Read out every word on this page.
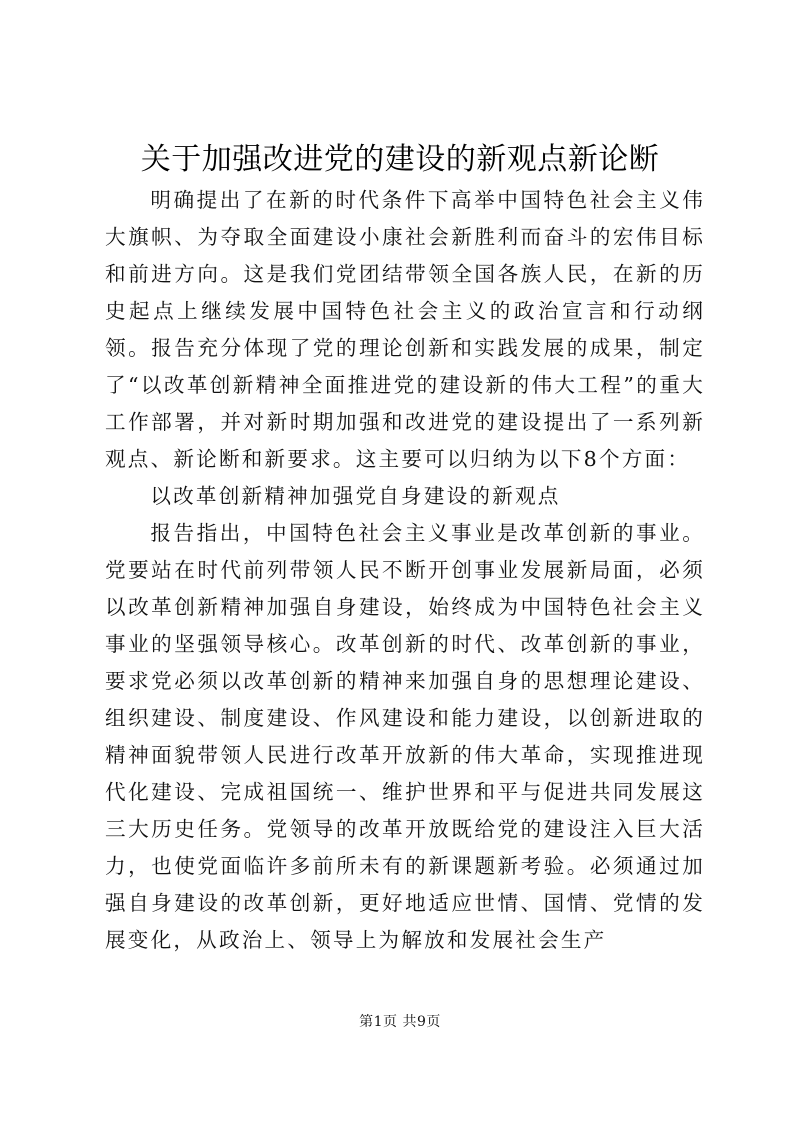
关于加强改进党的建设的新观点新论断

明确提出了在新的时代条件下高举中国特色社会主义伟大旗帜、为夺取全面建设小康社会新胜利而奋斗的宏伟目标和前进方向。这是我们党团结带领全国各族人民，在新的历史起点上继续发展中国特色社会主义的政治宣言和行动纲领。报告充分体现了党的理论创新和实践发展的成果，制定了“以改革创新精神全面推进党的建设新的伟大工程”的重大工作部署，并对新时期加强和改进党的建设提出了一系列新观点、新论断和新要求。这主要可以归纳为以下8个方面：

以改革创新精神加强党自身建设的新观点

报告指出，中国特色社会主义事业是改革创新的事业。党要站在时代前列带领人民不断开创事业发展新局面，必须以改革创新精神加强自身建设，始终成为中国特色社会主义事业的坚强领导核心。改革创新的时代、改革创新的事业，要求党必须以改革创新的精神来加强自身的思想理论建设、组织建设、制度建设、作风建设和能力建设，以创新进取的精神面貌带领人民进行改革开放新的伟大革命，实现推进现代化建设、完成祖国统一、维护世界和平与促进共同发展这三大历史任务。党领导的改革开放既给党的建设注入巨大活力，也使党面临许多前所未有的新课题新考验。必须通过加强自身建设的改革创新，更好地适应世情、国情、党情的发展变化，从政治上、领导上为解放和发展社会生产

第1页 共9页
